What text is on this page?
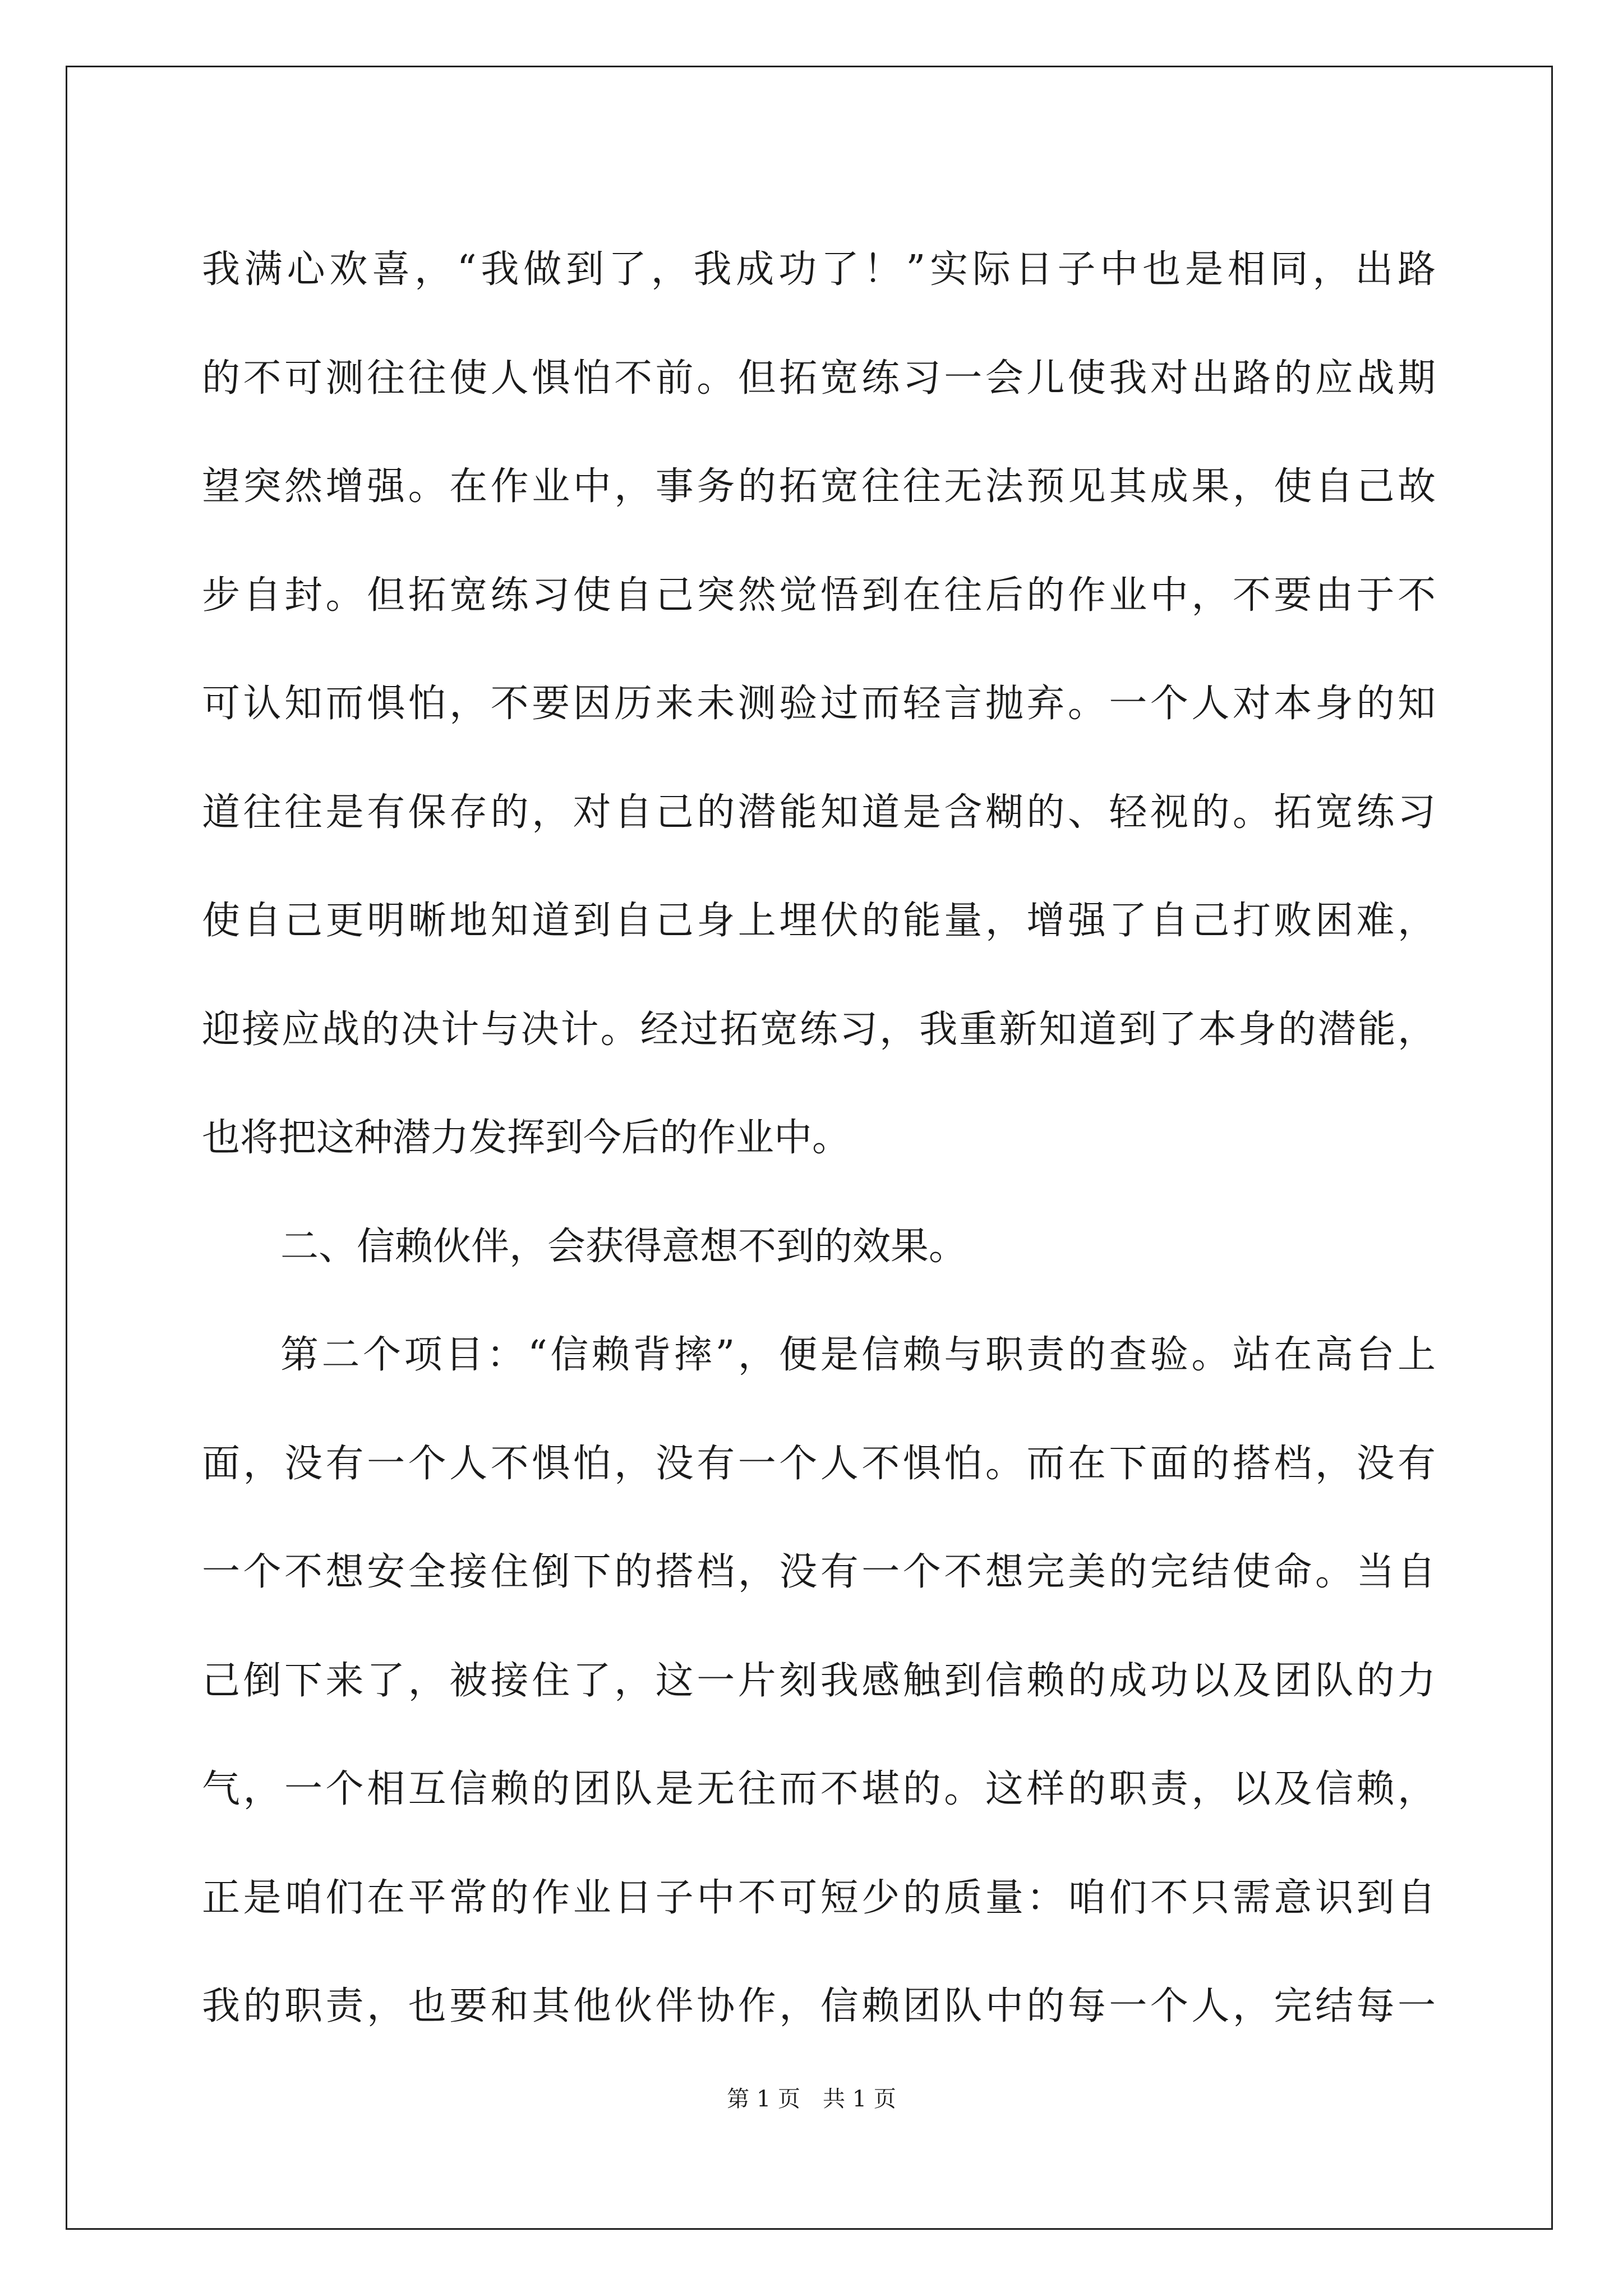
我满心欢喜，“我做到了，我成功了！”实际日子中也是相同，出路

的不可测往往使人惧怕不前。但拓宽练习一会儿使我对出路的应战期

望突然增强。在作业中，事务的拓宽往往无法预见其成果，使自己故

步自封。但拓宽练习使自己突然觉悟到在往后的作业中，不要由于不

可认知而惧怕，不要因历来未测验过而轻言抛弃。一个人对本身的知

道往往是有保存的，对自己的潜能知道是含糊的、轻视的。拓宽练习

使自己更明晰地知道到自己身上埋伏的能量，增强了自己打败困难，

迎接应战的决计与决计。经过拓宽练习，我重新知道到了本身的潜能，

也将把这种潜力发挥到今后的作业中。

二、信赖伙伴，会获得意想不到的效果。

第二个项目：“信赖背摔”，便是信赖与职责的查验。站在高台上

面，没有一个人不惧怕，没有一个人不惧怕。而在下面的搭档，没有

一个不想安全接住倒下的搭档，没有一个不想完美的完结使命。当自

己倒下来了，被接住了，这一片刻我感触到信赖的成功以及团队的力

气，一个相互信赖的团队是无往而不堪的。这样的职责，以及信赖，

正是咱们在平常的作业日子中不可短少的质量：咱们不只需意识到自

我的职责，也要和其他伙伴协作，信赖团队中的每一个人，完结每一

第 1 页　共 1 页
